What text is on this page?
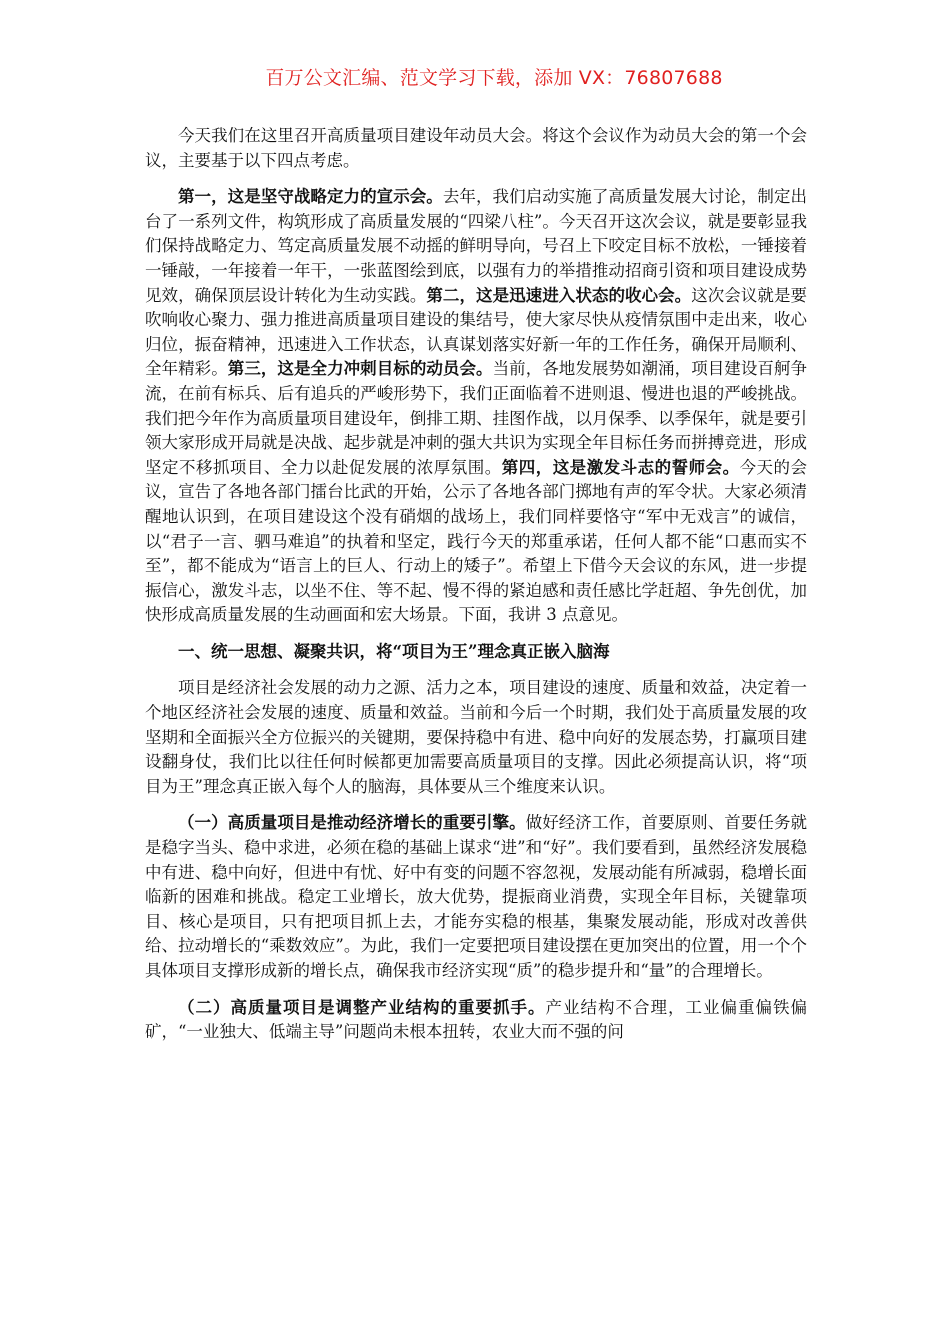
百万公文汇编、范文学习下载，添加 VX：76807688

今天我们在这里召开高质量项目建设年动员大会。将这个会议作为动员大会的第一个会议，主要基于以下四点考虑。

第一，这是坚守战略定力的宣示会。去年，我们启动实施了高质量发展大讨论，制定出台了一系列文件，构筑形成了高质量发展的“四梁八柱”。今天召开这次会议，就是要彰显我们保持战略定力、笃定高质量发展不动摇的鲜明导向，号召上下咬定目标不放松，一锤接着一锤敲，一年接着一年干，一张蓝图绘到底，以强有力的举措推动招商引资和项目建设成势见效，确保顶层设计转化为生动实践。第二，这是迅速进入状态的收心会。这次会议就是要吹响收心聚力、强力推进高质量项目建设的集结号，使大家尽快从疫情氛围中走出来，收心归位，振奋精神，迅速进入工作状态，认真谋划落实好新一年的工作任务，确保开局顺利、全年精彩。第三，这是全力冲刺目标的动员会。当前，各地发展势如潮涌，项目建设百舸争流，在前有标兵、后有追兵的严峻形势下，我们正面临着不进则退、慢进也退的严峻挑战。我们把今年作为高质量项目建设年，倒排工期、挂图作战，以月保季、以季保年，就是要引领大家形成开局就是决战、起步就是冲刺的强大共识为实现全年目标任务而拼搏竞进，形成坚定不移抓项目、全力以赴促发展的浓厚氛围。第四，这是激发斗志的誓师会。今天的会议，宣告了各地各部门擂台比武的开始，公示了各地各部门掷地有声的军令状。大家必须清醒地认识到，在项目建设这个没有硝烟的战场上，我们同样要恪守“军中无戏言”的诚信，以“君子一言、驷马难追”的执着和坚定，践行今天的郑重承诺，任何人都不能“口惠而实不至”，都不能成为“语言上的巨人、行动上的矮子”。希望上下借今天会议的东风，进一步提振信心，激发斗志，以坐不住、等不起、慢不得的紧迫感和责任感比学赶超、争先创优，加快形成高质量发展的生动画面和宏大场景。下面，我讲 3 点意见。

一、统一思想、凝聚共识，将“项目为王”理念真正嵌入脑海

项目是经济社会发展的动力之源、活力之本，项目建设的速度、质量和效益，决定着一个地区经济社会发展的速度、质量和效益。当前和今后一个时期，我们处于高质量发展的攻坚期和全面振兴全方位振兴的关键期，要保持稳中有进、稳中向好的发展态势，打赢项目建设翻身仗，我们比以往任何时候都更加需要高质量项目的支撑。因此必须提高认识，将“项目为王”理念真正嵌入每个人的脑海，具体要从三个维度来认识。

（一）高质量项目是推动经济增长的重要引擎。做好经济工作，首要原则、首要任务就是稳字当头、稳中求进，必须在稳的基础上谋求“进”和“好”。我们要看到，虽然经济发展稳中有进、稳中向好，但进中有忧、好中有变的问题不容忽视，发展动能有所减弱，稳增长面临新的困难和挑战。稳定工业增长，放大优势，提振商业消费，实现全年目标，关键靠项目、核心是项目，只有把项目抓上去，才能夯实稳的根基，集聚发展动能，形成对改善供给、拉动增长的“乘数效应”。为此，我们一定要把项目建设摆在更加突出的位置，用一个个具体项目支撑形成新的增长点，确保我市经济实现“质”的稳步提升和“量”的合理增长。

（二）高质量项目是调整产业结构的重要抓手。产业结构不合理，工业偏重偏铁偏矿，“一业独大、低端主导”问题尚未根本扭转，农业大而不强的问
